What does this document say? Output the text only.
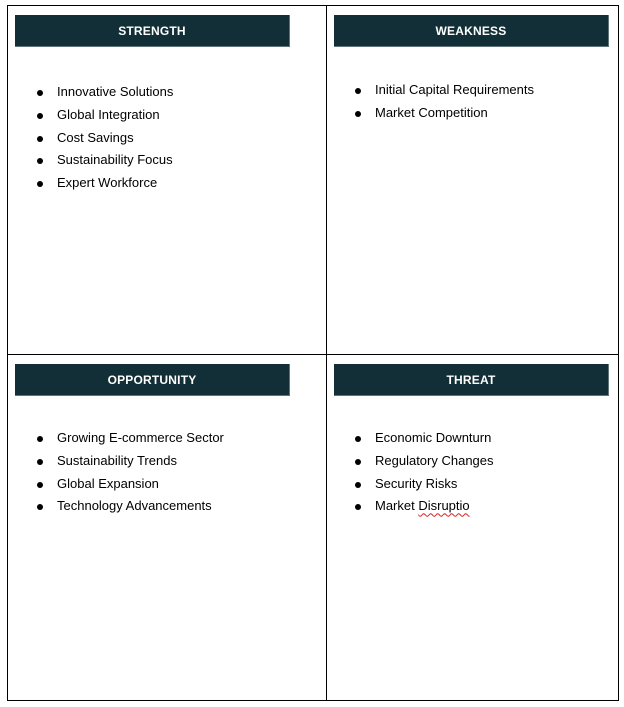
STRENGTH
Innovative Solutions
Global Integration
Cost Savings
Sustainability Focus
Expert Workforce
WEAKNESS
Initial Capital Requirements
Market Competition
OPPORTUNITY
Growing E-commerce Sector
Sustainability Trends
Global Expansion
Technology Advancements
THREAT
Economic Downturn
Regulatory Changes
Security Risks
Market Disruptio
